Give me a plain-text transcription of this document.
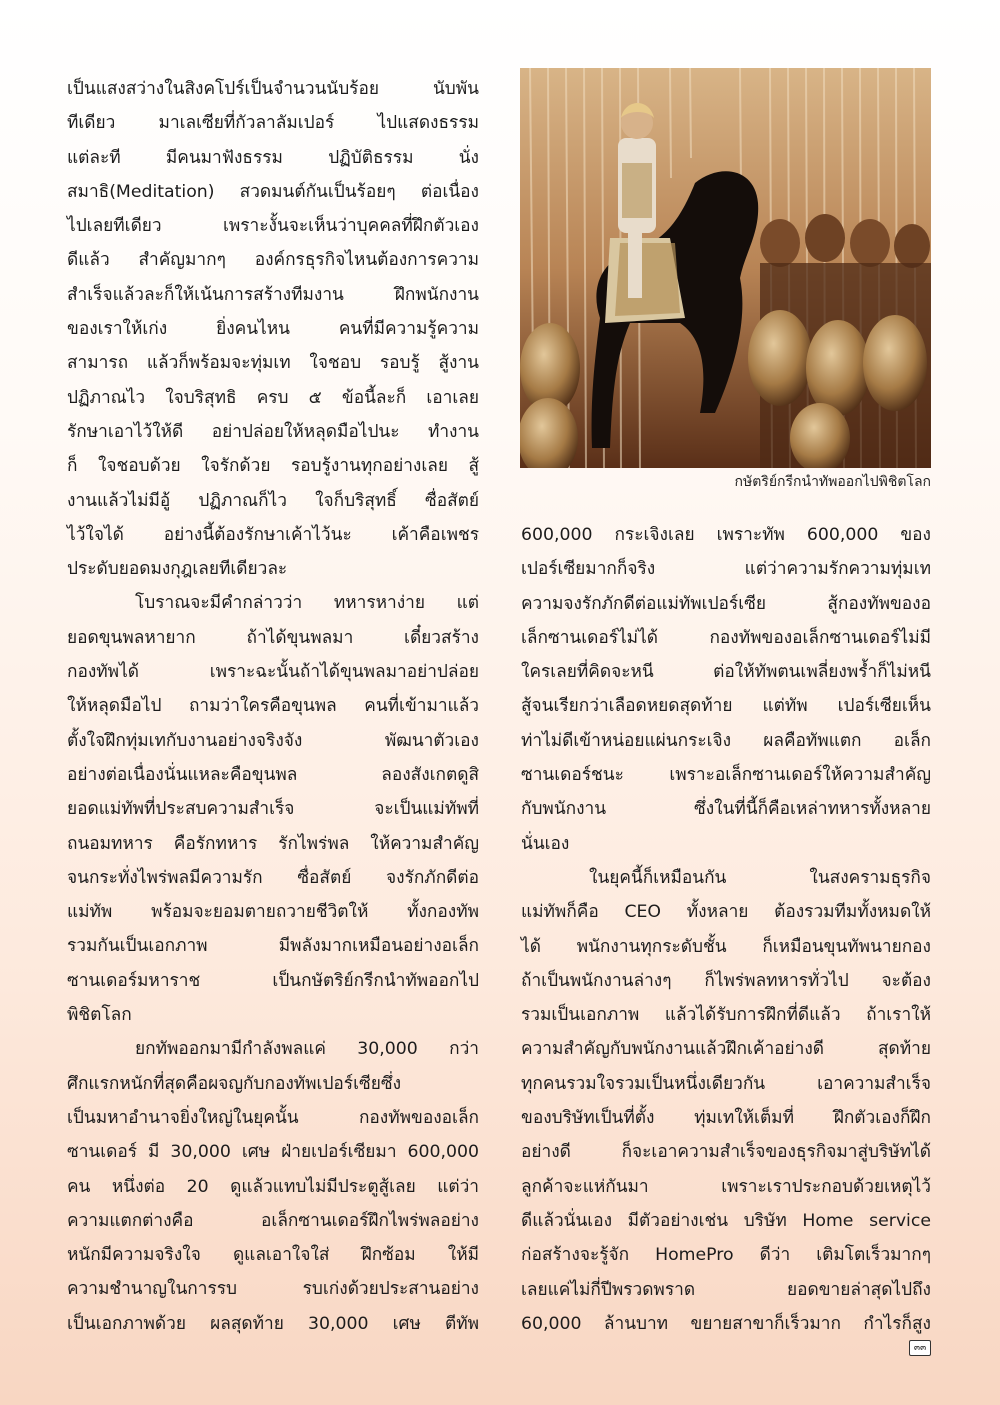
เป็นแสงสว่างในสิงคโปร์เป็นจำนวนนับร้อย นับพัน
ทีเดียว มาเลเซียที่กัวลาลัมเปอร์ ไปแสดงธรรม
แต่ละที มีคนมาฟังธรรม ปฏิบัติธรรม นั่ง
สมาธิ(Meditation) สวดมนต์กันเป็นร้อยๆ ต่อเนื่อง
ไปเลยทีเดียว เพราะงั้นจะเห็นว่าบุคคลที่ฝึกตัวเอง
ดีแล้ว สำคัญมากๆ องค์กรธุรกิจไหนต้องการความ
สำเร็จแล้วละก็ให้เน้นการสร้างทีมงาน ฝึกพนักงาน
ของเราให้เก่ง ยิ่งคนไหน คนที่มีความรู้ความ
สามารถ แล้วก็พร้อมจะทุ่มเท ใจชอบ รอบรู้ สู้งาน
ปฏิภาณไว ใจบริสุทธิ ครบ ๕ ข้อนี้ละก็ เอาเลย
รักษาเอาไว้ให้ดี อย่าปล่อยให้หลุดมือไปนะ ทำงาน
ก็ ใจชอบด้วย ใจรักด้วย รอบรู้งานทุกอย่างเลย สู้
งานแล้วไม่มีอู้ ปฏิภาณก็ไว ใจก็บริสุทธิ์ ซื่อสัตย์
ไว้ใจได้ อย่างนี้ต้องรักษาเค้าไว้นะ เค้าคือเพชร
ประดับยอดมงกุฎเลยทีเดียวละ

โบราณจะมีคำกล่าวว่า ทหารหาง่าย แต่
ยอดขุนพลหายาก ถ้าได้ขุนพลมา เดี๋ยวสร้าง
กองทัพได้ เพราะฉะนั้นถ้าได้ขุนพลมาอย่าปล่อย
ให้หลุดมือไป ถามว่าใครคือขุนพล คนที่เข้ามาแล้ว
ตั้งใจฝึกทุ่มเทกับงานอย่างจริงจัง พัฒนาตัวเอง
อย่างต่อเนื่องนั่นแหละคือขุนพล ลองสังเกตดูสิ
ยอดแม่ทัพที่ประสบความสำเร็จ จะเป็นแม่ทัพที่
ถนอมทหาร คือรักทหาร รักไพร่พล ให้ความสำคัญ
จนกระทั่งไพร่พลมีความรัก ซื่อสัตย์ จงรักภักดีต่อ
แม่ทัพ พร้อมจะยอมตายถวายชีวิตให้ ทั้งกองทัพ
รวมกันเป็นเอกภาพ มีพลังมากเหมือนอย่างอเล็ก
ซานเดอร์มหาราช เป็นกษัตริย์กรีกนำทัพออกไป
พิชิตโลก

ยกทัพออกมามีกำลังพลแค่ 30,000 กว่า
ศึกแรกหนักที่สุดคือผจญกับกองทัพเปอร์เซียซึ่ง
เป็นมหาอำนาจยิ่งใหญ่ในยุคนั้น กองทัพของอเล็ก
ซานเดอร์ มี 30,000 เศษ ฝ่ายเปอร์เซียมา 600,000
คน หนึ่งต่อ 20 ดูแล้วแทบไม่มีประตูสู้เลย แต่ว่า
ความแตกต่างคือ อเล็กซานเดอร์ฝึกไพร่พลอย่าง
หนักมีความจริงใจ ดูแลเอาใจใส่ ฝึกซ้อม ให้มี
ความชำนาญในการรบ รบเก่งด้วยประสานอย่าง
เป็นเอกภาพด้วย ผลสุดท้าย 30,000 เศษ ตีทัพ

กษัตริย์กรีกนำทัพออกไปพิชิตโลก

600,000 กระเจิงเลย เพราะทัพ 600,000 ของ
เปอร์เซียมากก็จริง แต่ว่าความรักความทุ่มเท
ความจงรักภักดีต่อแม่ทัพเปอร์เซีย สู้กองทัพของอ
เล็กซานเดอร์ไม่ได้ กองทัพของอเล็กซานเดอร์ไม่มี
ใครเลยที่คิดจะหนี ต่อให้ทัพตนเพลี่ยงพร้ำก็ไม่หนี
สู้จนเรียกว่าเลือดหยดสุดท้าย แต่ทัพ เปอร์เซียเห็น
ท่าไม่ดีเข้าหน่อยแผ่นกระเจิง ผลคือทัพแตก อเล็ก
ซานเดอร์ชนะ เพราะอเล็กซานเดอร์ให้ความสำคัญ
กับพนักงาน ซึ่งในที่นี้ก็คือเหล่าทหารทั้งหลาย
นั่นเอง

ในยุคนี้ก็เหมือนกัน ในสงครามธุรกิจ
แม่ทัพก็คือ CEO ทั้งหลาย ต้องรวมทีมทั้งหมดให้
ได้ พนักงานทุกระดับชั้น ก็เหมือนขุนทัพนายกอง
ถ้าเป็นพนักงานล่างๆ ก็ไพร่พลทหารทั่วไป จะต้อง
รวมเป็นเอกภาพ แล้วได้รับการฝึกที่ดีแล้ว ถ้าเราให้
ความสำคัญกับพนักงานแล้วฝึกเค้าอย่างดี สุดท้าย
ทุกคนรวมใจรวมเป็นหนึ่งเดียวกัน เอาความสำเร็จ
ของบริษัทเป็นที่ตั้ง ทุ่มเทให้เต็มที่ ฝึกตัวเองก็ฝึก
อย่างดี ก็จะเอาความสำเร็จของธุรกิจมาสู่บริษัทได้
ลูกค้าจะแห่กันมา เพราะเราประกอบด้วยเหตุไว้
ดีแล้วนั่นเอง มีตัวอย่างเช่น บริษัท Home service
ก่อสร้างจะรู้จัก HomePro ดีว่า เติมโตเร็วมากๆ
เลยแค่ไม่กี่ปีพรวดพราด ยอดขายล่าสุดไปถึง
60,000 ล้านบาท ขยายสาขาก็เร็วมาก กำไรก็สูง

๓๓
